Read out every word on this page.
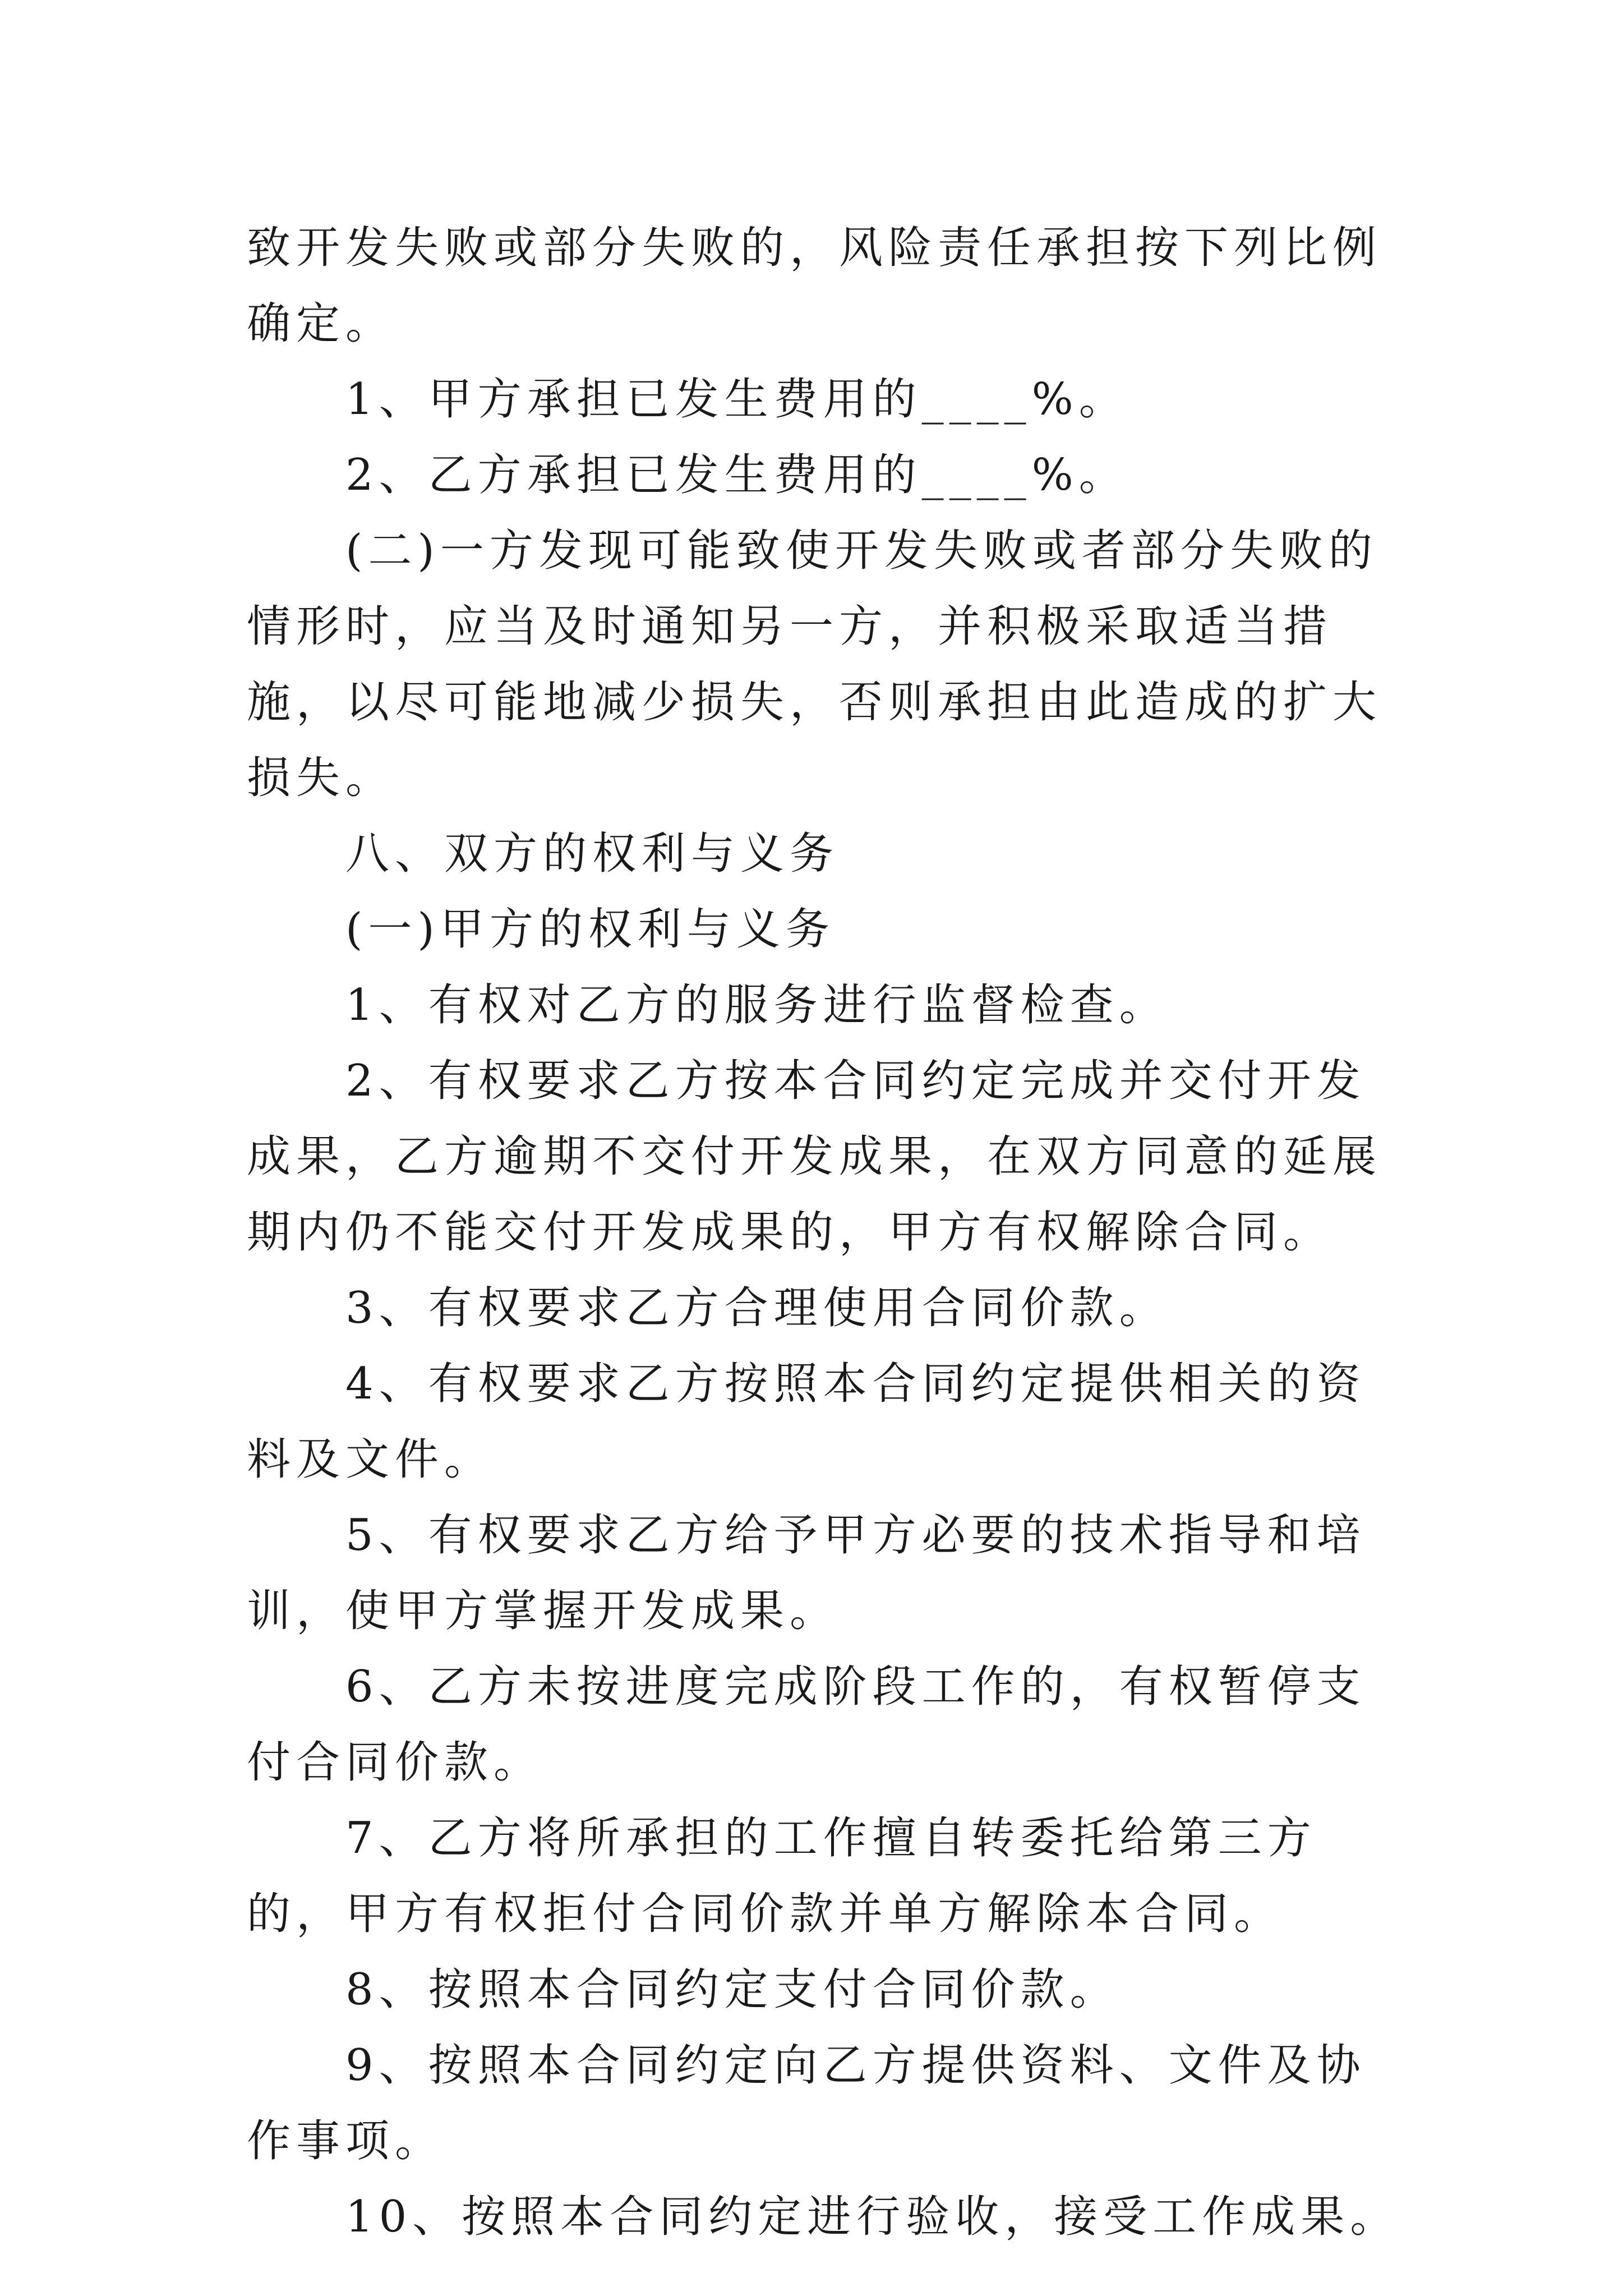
致开发失败或部分失败的，风险责任承担按下列比例确定。

1、甲方承担已发生费用的____%。

2、乙方承担已发生费用的____%。

(二)一方发现可能致使开发失败或者部分失败的情形时，应当及时通知另一方，并积极采取适当措施，以尽可能地减少损失，否则承担由此造成的扩大损失。

八、双方的权利与义务

(一)甲方的权利与义务

1、有权对乙方的服务进行监督检查。

2、有权要求乙方按本合同约定完成并交付开发成果，乙方逾期不交付开发成果，在双方同意的延展期内仍不能交付开发成果的，甲方有权解除合同。

3、有权要求乙方合理使用合同价款。

4、有权要求乙方按照本合同约定提供相关的资料及文件。

5、有权要求乙方给予甲方必要的技术指导和培训，使甲方掌握开发成果。

6、乙方未按进度完成阶段工作的，有权暂停支付合同价款。

7、乙方将所承担的工作擅自转委托给第三方的，甲方有权拒付合同价款并单方解除本合同。

8、按照本合同约定支付合同价款。

9、按照本合同约定向乙方提供资料、文件及协作事项。

10、按照本合同约定进行验收，接受工作成果。
